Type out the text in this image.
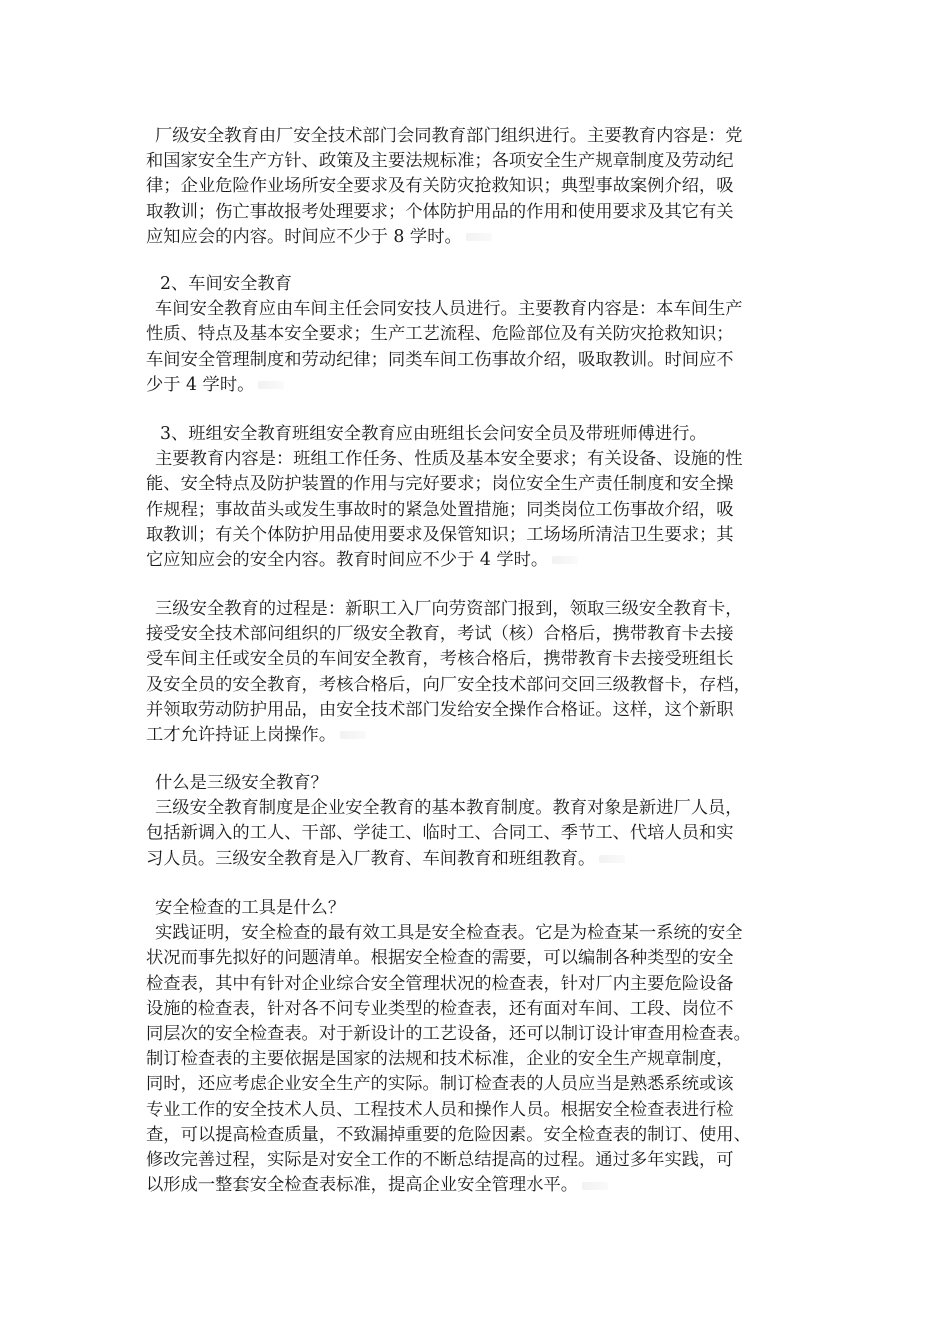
厂级安全教育由厂安全技术部门会同教育部门组织进行。主要教育内容是：党
和国家安全生产方针、政策及主要法规标准；各项安全生产规章制度及劳动纪
律；企业危险作业场所安全要求及有关防灾抢救知识；典型事故案例介绍，吸
取教训；伤亡事故报考处理要求；个体防护用品的作用和使用要求及其它有关
应知应会的内容。时间应不少于 8 学时。
2、车间安全教育
车间安全教育应由车间主任会同安技人员进行。主要教育内容是：本车间生产
性质、特点及基本安全要求；生产工艺流程、危险部位及有关防灾抢救知识；
车间安全管理制度和劳动纪律；同类车间工伤事故介绍，吸取教训。时间应不
少于 4 学时。
3、班组安全教育班组安全教育应由班组长会问安全员及带班师傅进行。
主要教育内容是：班组工作任务、性质及基本安全要求；有关设备、设施的性
能、安全特点及防护装置的作用与完好要求；岗位安全生产责任制度和安全操
作规程；事故苗头或发生事故时的紧急处置措施；同类岗位工伤事故介绍，吸
取教训；有关个体防护用品使用要求及保管知识；工场场所清洁卫生要求；其
它应知应会的安全内容。教育时间应不少于 4 学时。
三级安全教育的过程是：新职工入厂向劳资部门报到，领取三级安全教育卡，
接受安全技术部问组织的厂级安全教育，考试（核）合格后，携带教育卡去接
受车间主任或安全员的车间安全教育，考核合格后，携带教育卡去接受班组长
及安全员的安全教育，考核合格后，向厂安全技术部问交回三级教督卡，存档，
并领取劳动防护用品，由安全技术部门发给安全操作合格证。这样，这个新职
工才允许持证上岗操作。
什么是三级安全教育？
三级安全教育制度是企业安全教育的基本教育制度。教育对象是新进厂人员，
包括新调入的工人、干部、学徒工、临时工、合同工、季节工、代培人员和实
习人员。三级安全教育是入厂教育、车间教育和班组教育。
安全检查的工具是什么？
实践证明，安全检查的最有效工具是安全检查表。它是为检查某一系统的安全
状况而事先拟好的问题清单。根据安全检查的需要，可以编制各种类型的安全
检查表，其中有针对企业综合安全管理状况的检查表，针对厂内主要危险设备
设施的检查表，针对各不问专业类型的检查表，还有面对车间、工段、岗位不
同层次的安全检查表。对于新设计的工艺设备，还可以制订设计审查用检查表。
制订检查表的主要依据是国家的法规和技术标准，企业的安全生产规章制度，
同时，还应考虑企业安全生产的实际。制订检查表的人员应当是熟悉系统或该
专业工作的安全技术人员、工程技术人员和操作人员。根据安全检查表进行检
查，可以提高检查质量，不致漏掉重要的危险因素。安全检查表的制订、使用、
修改完善过程，实际是对安全工作的不断总结提高的过程。通过多年实践，可
以形成一整套安全检查表标准，提高企业安全管理水平。
